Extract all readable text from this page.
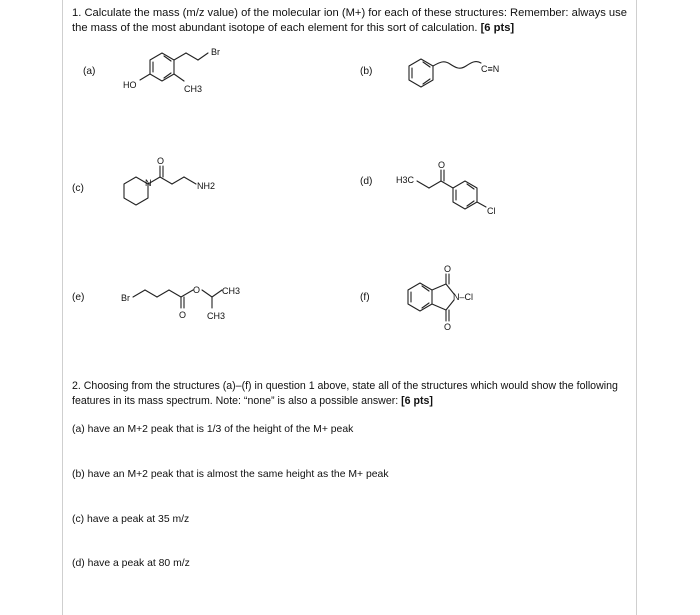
1. Calculate the mass (m/z value) of the molecular ion (M+) for each of these structures: Remember: always use the mass of the most abundant isotope of each element for this sort of calculation. [6 pts]
(a)	(b)
(c)
(d)
(e)	(f)
Br
HO	CH3
C≡N
O
N	NH2
H3C
O
Cl
Br
O
O CH3
CH3
O
O
N–Cl
2. Choosing from the structures (a)–(f) in question 1 above, state all of the structures which would show the following features in its mass spectrum. Note: “none” is also a possible answer: [6 pts]
(a) have an M+2 peak that is 1/3 of the height of the M+ peak
(b) have an M+2 peak that is almost the same height as the M+ peak
(c) have a peak at 35 m/z
(d) have a peak at 80 m/z
